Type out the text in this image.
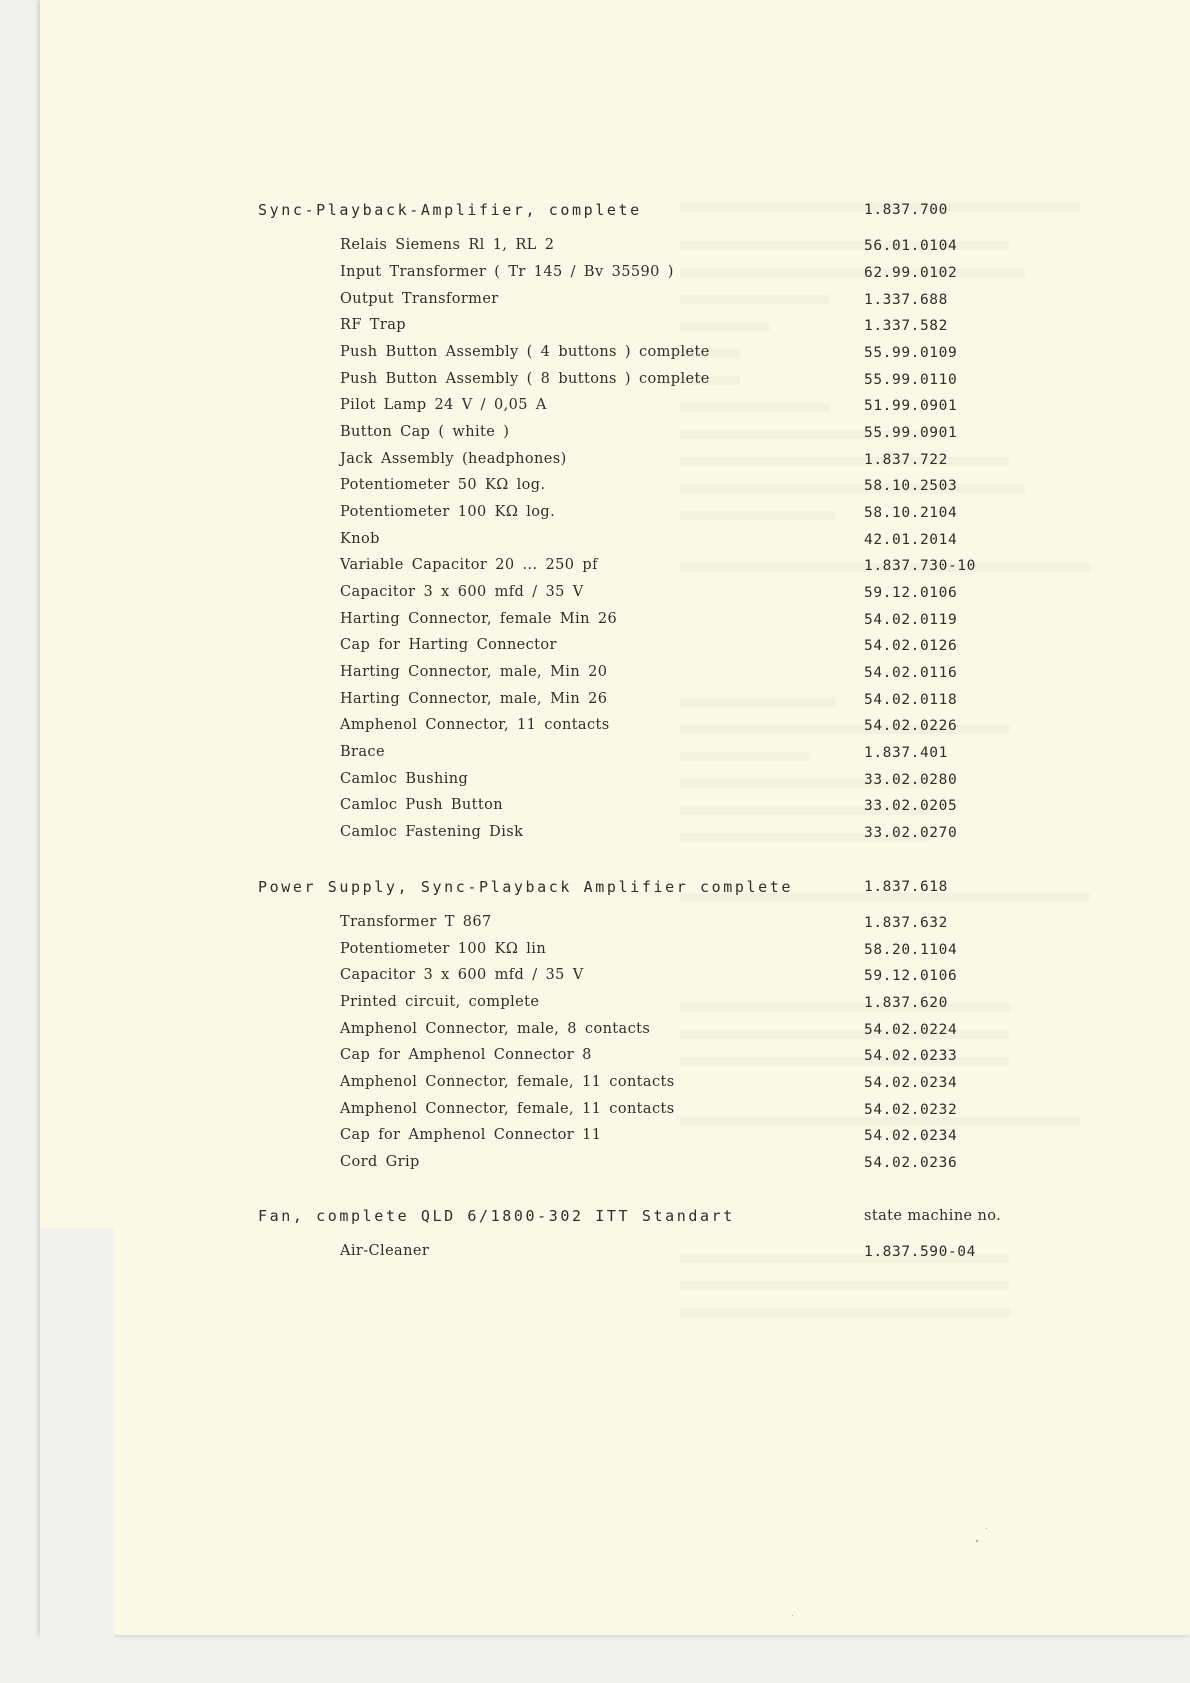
Sync-Playback-Amplifier, complete	1.837.700
Relais Siemens Rl 1, RL 2	56.01.0104
Input Transformer ( Tr 145 / Bv 35590 )	62.99.0102
Output Transformer	1.337.688
RF Trap	1.337.582
Push Button Assembly ( 4 buttons ) complete	55.99.0109
Push Button Assembly ( 8 buttons ) complete	55.99.0110
Pilot Lamp 24 V / 0,05 A	51.99.0901
Button Cap ( white )	55.99.0901
Jack Assembly (headphones)	1.837.722
Potentiometer 50 KΩ log.	58.10.2503
Potentiometer 100 KΩ log.	58.10.2104
Knob	42.01.2014
Variable Capacitor 20 ... 250 pf	1.837.730-10
Capacitor 3 x 600 mfd / 35 V	59.12.0106
Harting Connector, female Min 26	54.02.0119
Cap for Harting Connector	54.02.0126
Harting Connector, male, Min 20	54.02.0116
Harting Connector, male, Min 26	54.02.0118
Amphenol Connector, 11 contacts	54.02.0226
Brace	1.837.401
Camloc Bushing	33.02.0280
Camloc Push Button	33.02.0205
Camloc Fastening Disk	33.02.0270
Power Supply, Sync-Playback Amplifier complete	1.837.618
Transformer T 867	1.837.632
Potentiometer 100 KΩ lin	58.20.1104
Capacitor 3 x 600 mfd / 35 V	59.12.0106
Printed circuit, complete	1.837.620
Amphenol Connector, male, 8 contacts	54.02.0224
Cap for Amphenol Connector 8	54.02.0233
Amphenol Connector, female, 11 contacts	54.02.0234
Amphenol Connector, female, 11 contacts	54.02.0232
Cap for Amphenol Connector 11	54.02.0234
Cord Grip	54.02.0236
Fan, complete QLD 6/1800-302 ITT Standart	state machine no.
Air-Cleaner	1.837.590-04
